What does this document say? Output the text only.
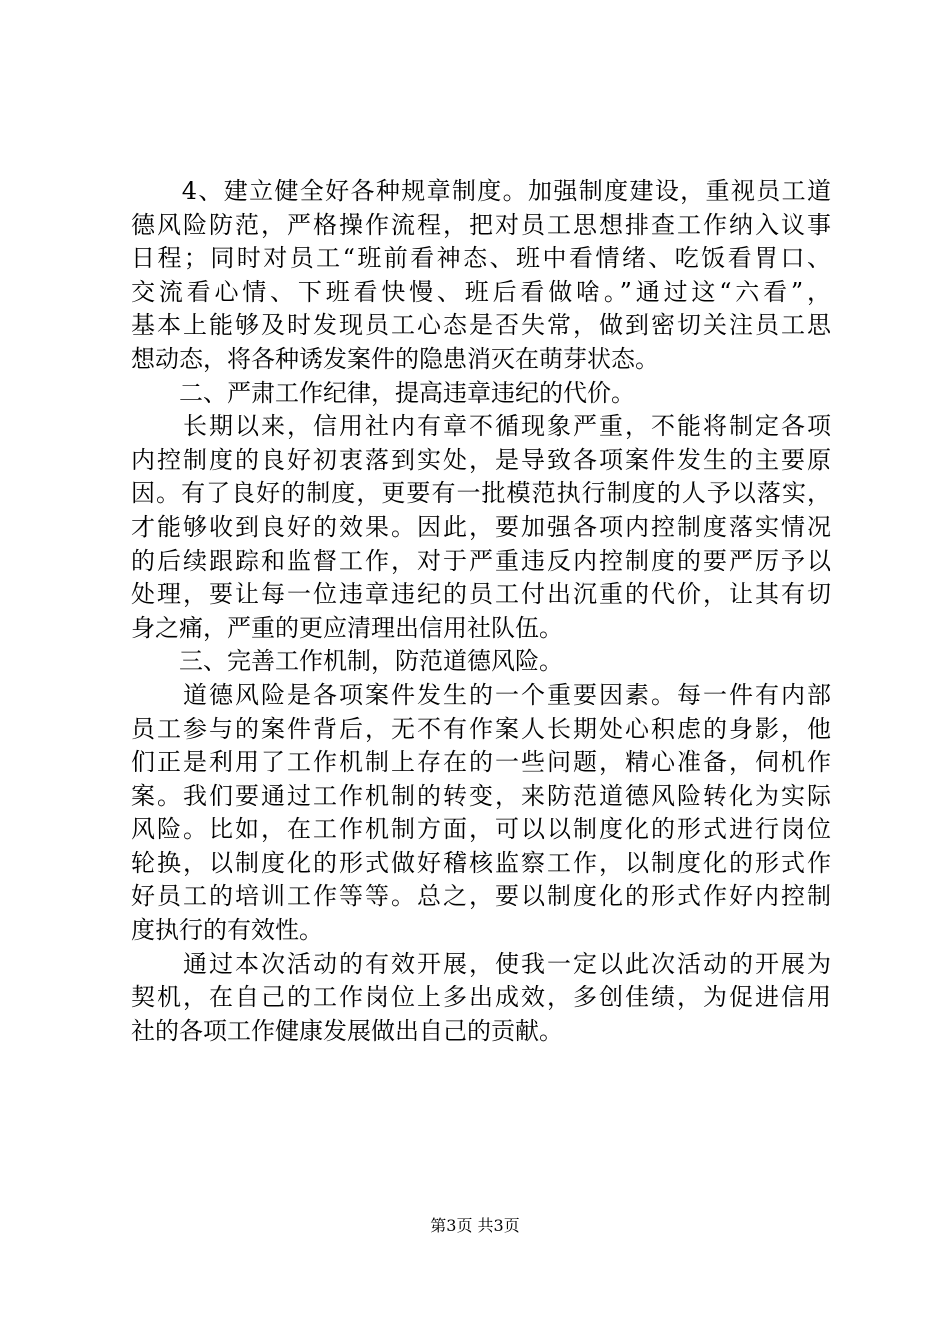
　　4、建立健全好各种规章制度。加强制度建设，重视员工道
德风险防范，严格操作流程，把对员工思想排查工作纳入议事
日程；同时对员工“班前看神态、班中看情绪、吃饭看胃口、
交流看心情、下班看快慢、班后看做啥。”通过这“六看”，
基本上能够及时发现员工心态是否失常，做到密切关注员工思
想动态，将各种诱发案件的隐患消灭在萌芽状态。
　　二、严肃工作纪律，提高违章违纪的代价。
　　长期以来，信用社内有章不循现象严重，不能将制定各项
内控制度的良好初衷落到实处，是导致各项案件发生的主要原
因。有了良好的制度，更要有一批模范执行制度的人予以落实，
才能够收到良好的效果。因此，要加强各项内控制度落实情况
的后续跟踪和监督工作，对于严重违反内控制度的要严厉予以
处理，要让每一位违章违纪的员工付出沉重的代价，让其有切
身之痛，严重的更应清理出信用社队伍。
　　三、完善工作机制，防范道德风险。
　　道德风险是各项案件发生的一个重要因素。每一件有内部
员工参与的案件背后，无不有作案人长期处心积虑的身影，他
们正是利用了工作机制上存在的一些问题，精心准备，伺机作
案。我们要通过工作机制的转变，来防范道德风险转化为实际
风险。比如，在工作机制方面，可以以制度化的形式进行岗位
轮换，以制度化的形式做好稽核监察工作，以制度化的形式作
好员工的培训工作等等。总之，要以制度化的形式作好内控制
度执行的有效性。
　　通过本次活动的有效开展，使我一定以此次活动的开展为
契机，在自己的工作岗位上多出成效，多创佳绩，为促进信用
社的各项工作健康发展做出自己的贡献。
第3页 共3页
